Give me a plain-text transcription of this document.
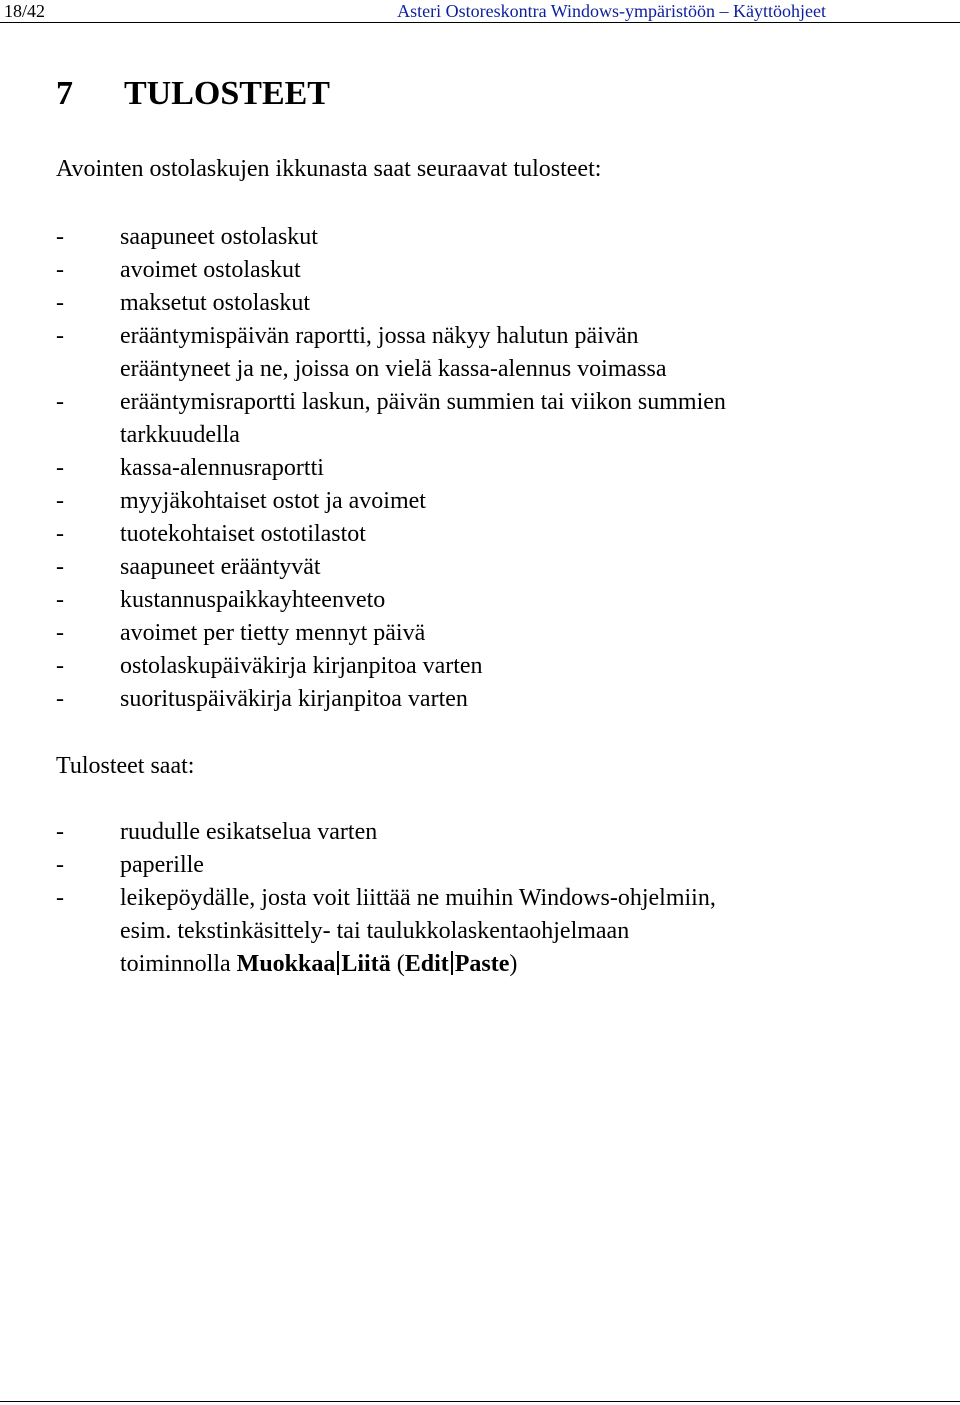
18/42	Asteri Ostoreskontra Windows-ympäristöön – Käyttöohjeet
7 TULOSTEET

Avointen ostolaskujen ikkunasta saat seuraavat tulosteet:

- saapuneet ostolaskut
- avoimet ostolaskut
- maksetut ostolaskut
- erääntymispäivän raportti, jossa näkyy halutun päivän
erääntyneet ja ne, joissa on vielä kassa-alennus voimassa
- erääntymisraportti laskun, päivän summien tai viikon summien
tarkkuudella
- kassa-alennusraportti
- myyjäkohtaiset ostot ja avoimet
- tuotekohtaiset ostotilastot
- saapuneet erääntyvät
- kustannuspaikkayhteenveto
- avoimet per tietty mennyt päivä
- ostolaskupäiväkirja kirjanpitoa varten
- suorituspäiväkirja kirjanpitoa varten

Tulosteet saat:

- ruudulle esikatselua varten
- paperille
- leikepöydälle, josta voit liittää ne muihin Windows-ohjelmiin,
esim. tekstinkäsittely- tai taulukkolaskentaohjelmaan
toiminnolla Muokkaa Liitä (Edit Paste)
